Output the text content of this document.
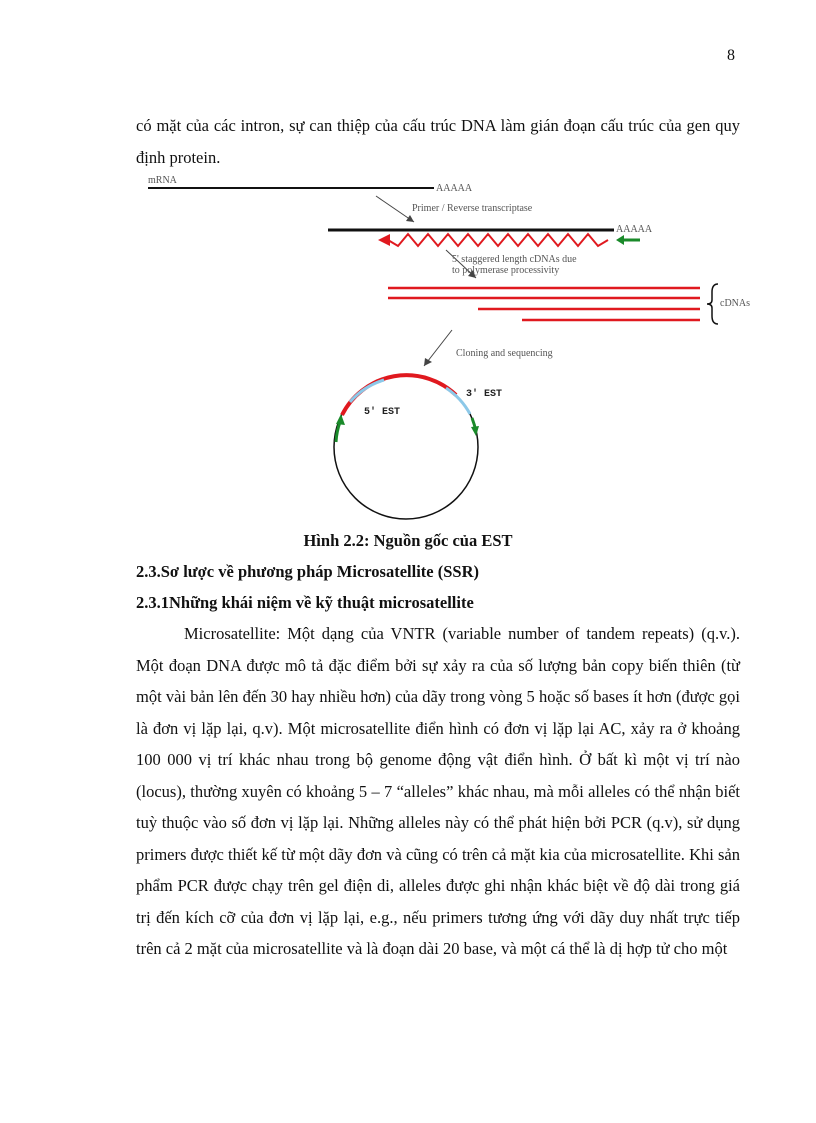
8

có mặt của các intron, sự can thiệp của cấu trúc DNA làm gián đoạn cấu trúc của gen quy định protein.

mRNA
AAAAA
Primer / Reverse transcriptase
AAAAA
5' staggered length cDNAs due
to polymerase processivity
cDNAs
Cloning and sequencing
5' EST
3' EST
Hình 2.2: Nguồn gốc của EST
2.3.Sơ lược về phương pháp Microsatellite (SSR)
2.3.1Những khái niệm về kỹ thuật microsatellite

Microsatellite: Một dạng của VNTR (variable number of tandem repeats) (q.v.). Một đoạn DNA được mô tả đặc điểm bởi sự xảy ra của số lượng bản copy biến thiên (từ một vài bản lên đến 30 hay nhiều hơn) của dãy trong vòng 5 hoặc số bases ít hơn (được gọi là đơn vị lặp lại, q.v). Một microsatellite điển hình có đơn vị lặp lại AC, xảy ra ở khoảng 100 000 vị trí khác nhau trong bộ genome động vật điển hình. Ở bất kì một vị trí nào (locus), thường xuyên có khoảng 5 – 7 “alleles” khác nhau, mà mỗi alleles có thể nhận biết tuỳ thuộc vào số đơn vị lặp lại. Những alleles này có thể phát hiện bởi PCR (q.v), sử dụng primers được thiết kế từ một dãy đơn và cũng có trên cả mặt kia của microsatellite. Khi sản phẩm PCR được chạy trên gel điện di, alleles được ghi nhận khác biệt về độ dài trong giá trị đến kích cỡ của đơn vị lặp lại, e.g., nếu primers tương ứng với dãy duy nhất trực tiếp trên cả 2 mặt của microsatellite và là đoạn dài 20 base, và một cá thể là dị hợp tử cho một
